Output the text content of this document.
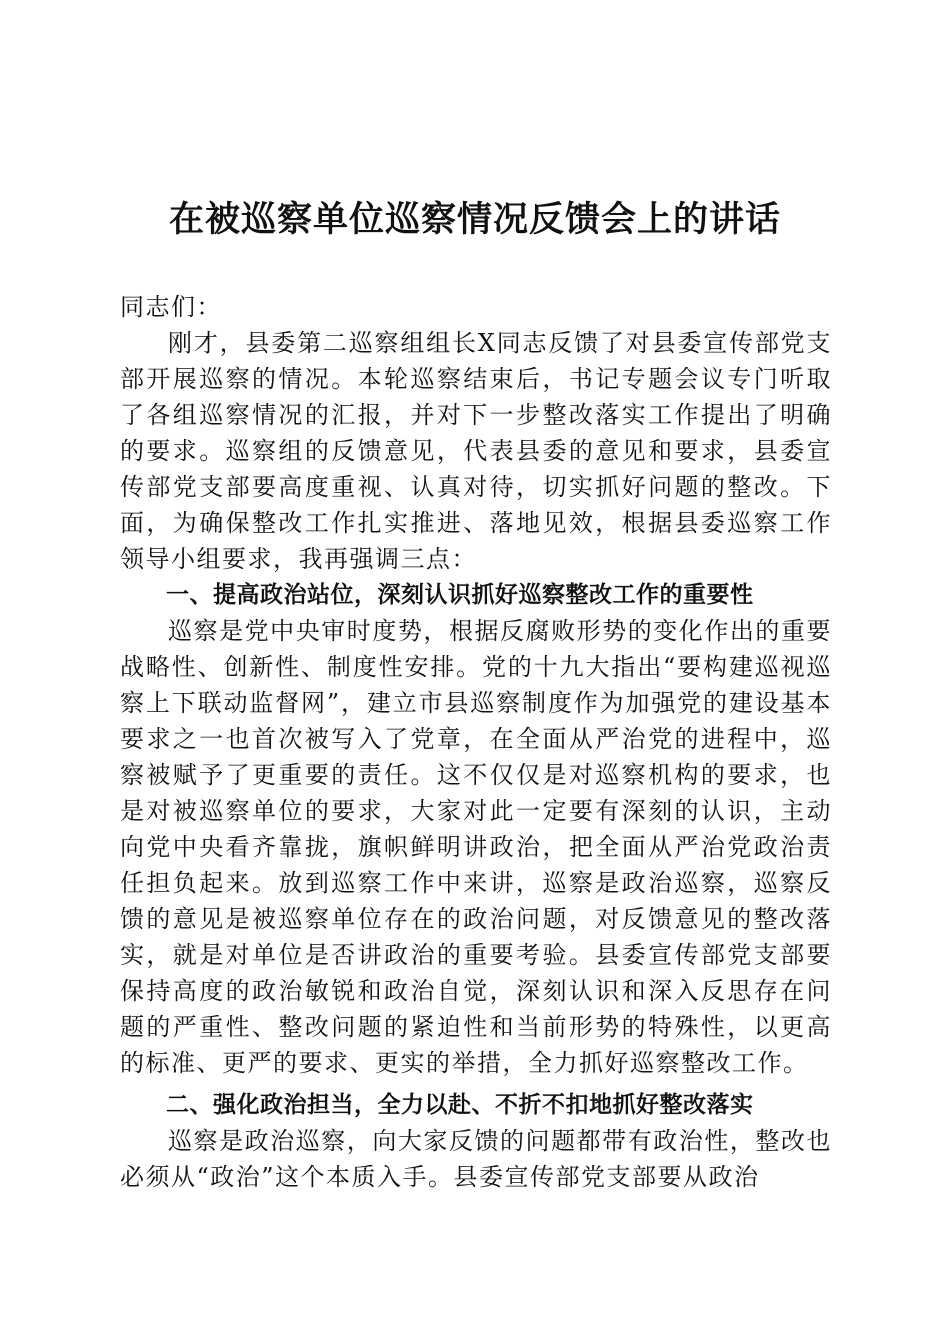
在被巡察单位巡察情况反馈会上的讲话

同志们：

刚才，县委第二巡察组组长X同志反馈了对县委宣传部党支部开展巡察的情况。本轮巡察结束后，书记专题会议专门听取了各组巡察情况的汇报，并对下一步整改落实工作提出了明确的要求。巡察组的反馈意见，代表县委的意见和要求，县委宣传部党支部要高度重视、认真对待，切实抓好问题的整改。下面，为确保整改工作扎实推进、落地见效，根据县委巡察工作领导小组要求，我再强调三点：

一、提高政治站位，深刻认识抓好巡察整改工作的重要性

巡察是党中央审时度势，根据反腐败形势的变化作出的重要战略性、创新性、制度性安排。党的十九大指出“要构建巡视巡察上下联动监督网”，建立市县巡察制度作为加强党的建设基本要求之一也首次被写入了党章，在全面从严治党的进程中，巡察被赋予了更重要的责任。这不仅仅是对巡察机构的要求，也是对被巡察单位的要求，大家对此一定要有深刻的认识，主动向党中央看齐靠拢，旗帜鲜明讲政治，把全面从严治党政治责任担负起来。放到巡察工作中来讲，巡察是政治巡察，巡察反馈的意见是被巡察单位存在的政治问题，对反馈意见的整改落实，就是对单位是否讲政治的重要考验。县委宣传部党支部要保持高度的政治敏锐和政治自觉，深刻认识和深入反思存在问题的严重性、整改问题的紧迫性和当前形势的特殊性，以更高的标准、更严的要求、更实的举措，全力抓好巡察整改工作。

二、强化政治担当，全力以赴、不折不扣地抓好整改落实

巡察是政治巡察，向大家反馈的问题都带有政治性，整改也必须从“政治”这个本质入手。县委宣传部党支部要从政治
